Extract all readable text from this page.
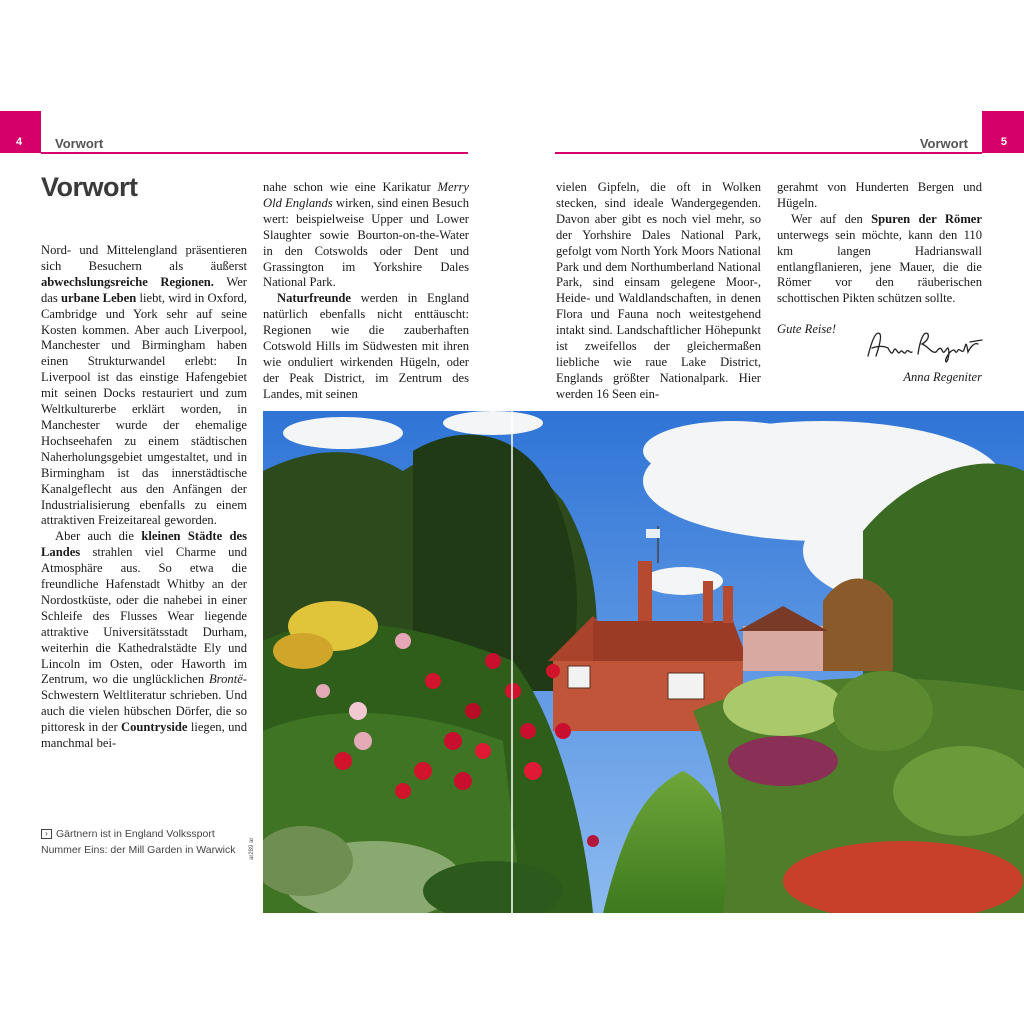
4	5
Vorwort	Vorwort
Vorwort

Nord- und Mittelengland präsentieren sich Besuchern als äußerst abwechslungsreiche Regionen. Wer das urbane Leben liebt, wird in Oxford, Cambridge und York sehr auf seine Kosten kommen. Aber auch Liverpool, Manchester und Birmingham haben einen Strukturwandel erlebt: In Liverpool ist das einstige Hafengebiet mit seinen Docks restauriert und zum Weltkulturerbe erklärt worden, in Manchester wurde der ehemalige Hochseehafen zu einem städtischen Naherholungsgebiet umgestaltet, und in Birmingham ist das innerstädtische Kanalgeflecht aus den Anfängen der Industrialisierung ebenfalls zu einem attraktiven Freizeitareal geworden.

Aber auch die kleinen Städte des Landes strahlen viel Charme und Atmosphäre aus. So etwa die freundliche Hafenstadt Whitby an der Nordostküste, oder die nahebei in einer Schleife des Flusses Wear liegende attraktive Universitätsstadt Durham, weiterhin die Kathedralstädte Ely und Lincoln im Osten, oder Haworth im Zentrum, wo die unglücklichen Brontë-Schwestern Weltliteratur schrieben. Und auch die vielen hübschen Dörfer, die so pittoresk in der Countryside liegen, und manchmal bei-

nahe schon wie eine Karikatur Merry Old Englands wirken, sind einen Besuch wert: beispielweise Upper und Lower Slaughter sowie Bourton-on-the-Water in den Cotswolds oder Dent und Grassington im Yorkshire Dales National Park.

Naturfreunde werden in England natürlich ebenfalls nicht enttäuscht: Regionen wie die zauberhaften Cotswold Hills im Südwesten mit ihren wie onduliert wirkenden Hügeln, oder der Peak District, im Zentrum des Landes, mit seinen

vielen Gipfeln, die oft in Wolken stecken, sind ideale Wandergegenden. Davon aber gibt es noch viel mehr, so der Yorhshire Dales National Park, gefolgt vom North York Moors National Park und dem Northumberland National Park, sind einsam gelegene Moor-, Heide- und Waldlandschaften, in denen Flora und Fauna noch weitestgehend intakt sind. Landschaftlicher Höhepunkt ist zweifellos der gleichermaßen liebliche wie raue Lake District, Englands größter Nationalpark. Hier werden 16 Seen ein-

gerahmt von Hunderten Bergen und Hügeln.

Wer auf den Spuren der Römer unterwegs sein möchte, kann den 110 km langen Hadrianswall entlangflanieren, jene Mauer, die die Römer vor den räuberischen schottischen Pikten schützen sollte.

Gute Reise!
Anna Regeniter
› Gärtnern ist in England Volkssport Nummer Eins: der Mill Garden in Warwick	ar289 ar
